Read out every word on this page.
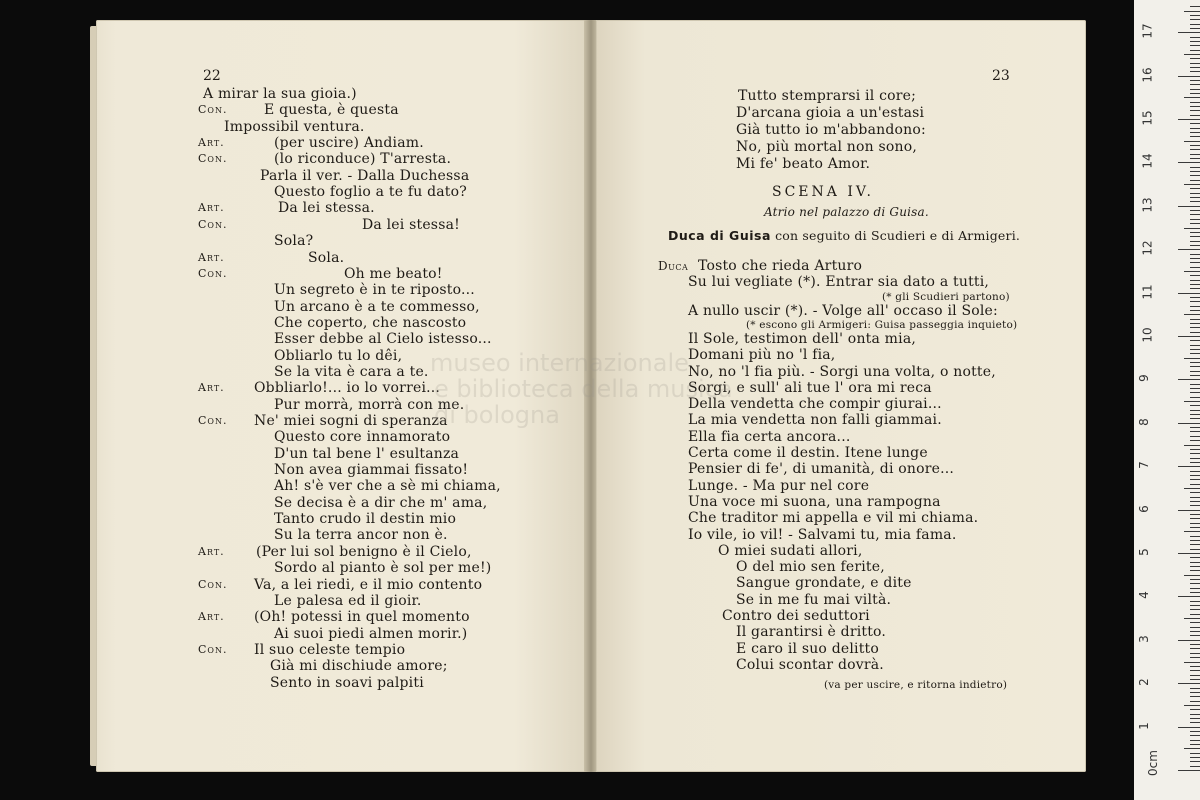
22
A mirar la sua gioia.)
Con.	E questa, è questa
Impossibil ventura.
Art.	(per uscire) Andiam.
Con.	(lo riconduce) T'arresta.
Parla il ver. - Dalla Duchessa
Questo foglio a te fu dato?
Art.	Da lei stessa.
Con.	Da lei stessa!
Sola?
Art.	Sola.
Con.	Oh me beato!
Un segreto è in te riposto...
Un arcano è a te commesso,
Che coperto, che nascosto
Esser debbe al Cielo istesso...
Obliarlo tu lo dêi,
Se la vita è cara a te.
Art. Obbliarlo!... io lo vorrei...
Pur morrà, morrà con me.
Con. Ne' miei sogni di speranza
Questo core innamorato
D'un tal bene l' esultanza
Non avea giammai fissato!
Ah! s'è ver che a sè mi chiama,
Se decisa è a dir che m' ama,
Tanto crudo il destin mio
Su la terra ancor non è.
Art. (Per lui sol benigno è il Cielo,
Sordo al pianto è sol per me!)
Con. Va, a lei riedi, e il mio contento
Le palesa ed il gioir.
Art. (Oh! potessi in quel momento
Ai suoi piedi almen morir.)
Con. Il suo celeste tempio
Già mi dischiude amore;
Sento in soavi palpiti
23
Tutto stemprarsi il core;
D'arcana gioia a un'estasi
Già tutto io m'abbandono:
No, più mortal non sono,
Mi fe' beato Amor.
SCENA IV.
Atrio nel palazzo di Guisa.
Duca di Guisa con seguito di Scudieri e di Armigeri.
Duca Tosto che rieda Arturo
Su lui vegliate (*). Entrar sia dato a tutti,
(* gli Scudieri partono)
A nullo uscir (*). - Volge all' occaso il Sole:
(* escono gli Armigeri: Guisa passeggia inquieto)
Il Sole, testimon dell' onta mia,
Domani più no 'l fia,
No, no 'l fia più. - Sorgi una volta, o notte,
Sorgi, e sull' ali tue l' ora mi reca
Della vendetta che compir giurai...
La mia vendetta non falli giammai.
Ella fia certa ancora...
Certa come il destin. Itene lunge
Pensier di fe', di umanità, di onore...
Lunge. - Ma pur nel core
Una voce mi suona, una rampogna
Che traditor mi appella e vil mi chiama.
Io vile, io vil! - Salvami tu, mia fama.
O miei sudati allori,
O del mio sen ferite,
Sangue grondate, e dite
Se in me fu mai viltà.
Contro dei seduttori
Il garantirsi è dritto.
E caro il suo delitto
Colui scontar dovrà.
(va per uscire, e ritorna indietro)
museo internazionale
e biblioteca della musica
di bologna
0cm
1
2
3
4
5
6
7
8
9
10
11
12
13
14
15
16
17
